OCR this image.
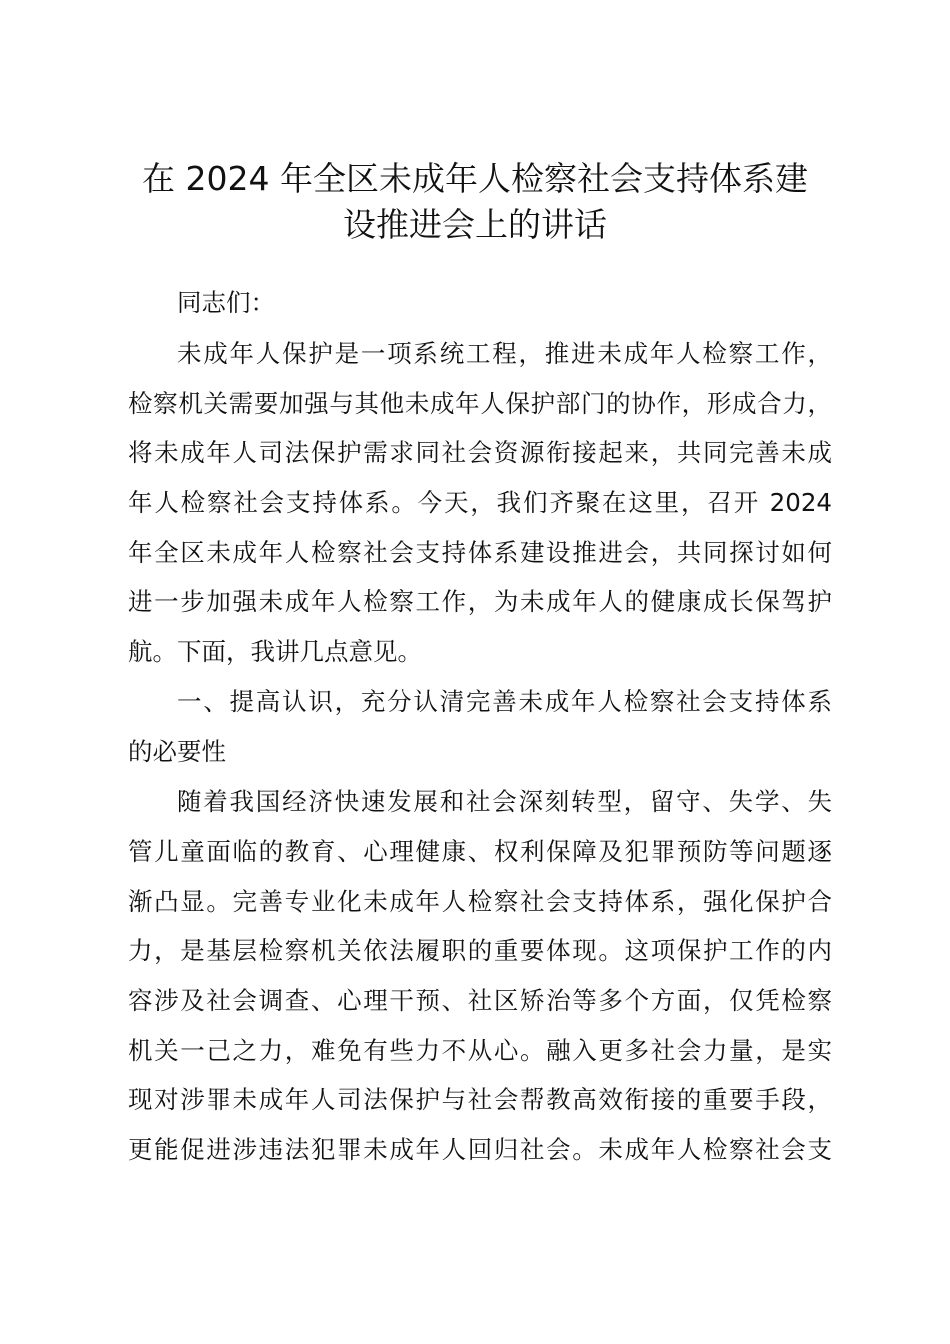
在 2024 年全区未成年人检察社会支持体系建
设推进会上的讲话

同志们：

未成年人保护是一项系统工程，推进未成年人检察工作，

检察机关需要加强与其他未成年人保护部门的协作，形成合力，

将未成年人司法保护需求同社会资源衔接起来，共同完善未成

年人检察社会支持体系。今天，我们齐聚在这里，召开 2024

年全区未成年人检察社会支持体系建设推进会，共同探讨如何

进一步加强未成年人检察工作，为未成年人的健康成长保驾护

航。下面，我讲几点意见。

一、提高认识，充分认清完善未成年人检察社会支持体系

的必要性

随着我国经济快速发展和社会深刻转型，留守、失学、失

管儿童面临的教育、心理健康、权利保障及犯罪预防等问题逐

渐凸显。完善专业化未成年人检察社会支持体系，强化保护合

力，是基层检察机关依法履职的重要体现。这项保护工作的内

容涉及社会调查、心理干预、社区矫治等多个方面，仅凭检察

机关一己之力，难免有些力不从心。融入更多社会力量，是实

现对涉罪未成年人司法保护与社会帮教高效衔接的重要手段，

更能促进涉违法犯罪未成年人回归社会。未成年人检察社会支
